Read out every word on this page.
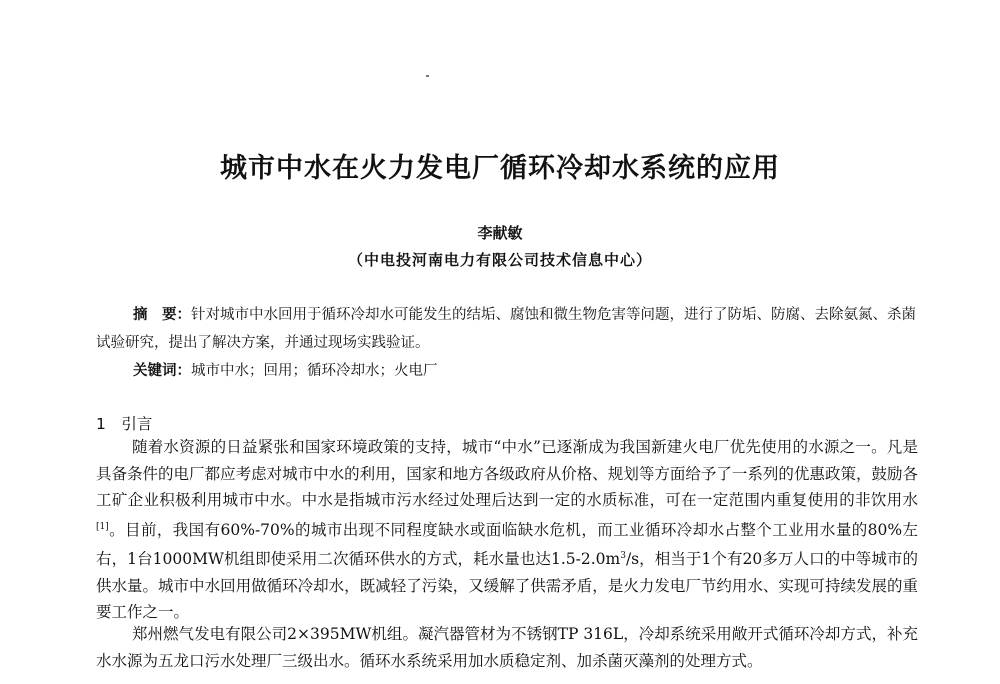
城市中水在火力发电厂循环冷却水系统的应用
李献敏
（中电投河南电力有限公司技术信息中心）
摘　要：针对城市中水回用于循环冷却水可能发生的结垢、腐蚀和微生物危害等问题，进行了防垢、防腐、去除氨氮、杀菌试验研究，提出了解决方案，并通过现场实践验证。
关键词：城市中水；回用；循环冷却水；火电厂
1　引言
随着水资源的日益紧张和国家环境政策的支持，城市“中水”已逐渐成为我国新建火电厂优先使用的水源之一。凡是具备条件的电厂都应考虑对城市中水的利用，国家和地方各级政府从价格、规划等方面给予了一系列的优惠政策，鼓励各工矿企业积极利用城市中水。中水是指城市污水经过处理后达到一定的水质标准，可在一定范围内重复使用的非饮用水[1]。目前，我国有60%-70%的城市出现不同程度缺水或面临缺水危机，而工业循环冷却水占整个工业用水量的80%左右，1台1000MW机组即使采用二次循环供水的方式，耗水量也达$1.5-2.0m^3/s$，相当于1个有20多万人口的中等城市的供水量。城市中水回用做循环冷却水，既减轻了污染，又缓解了供需矛盾，是火力发电厂节约用水、实现可持续发展的重要工作之一。
郑州燃气发电有限公司2×395MW机组。凝汽器管材为不锈钢TP 316L，冷却系统采用敞开式循环冷却方式，补充水水源为五龙口污水处理厂三级出水。循环水系统采用加水质稳定剂、加杀菌灭藻剂的处理方式。
